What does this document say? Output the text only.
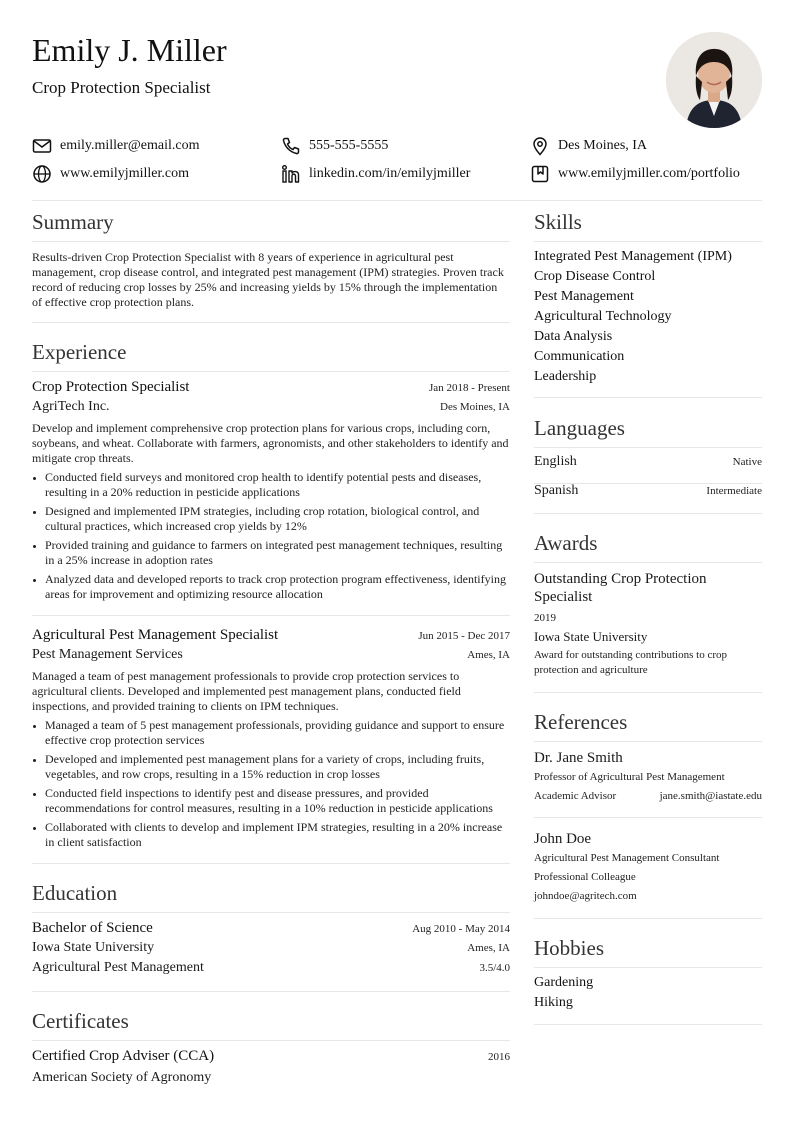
Emily J. Miller
Crop Protection Specialist
emily.miller@email.com	555-555-5555	Des Moines, IA
www.emilyjmiller.com	linkedin.com/in/emilyjmiller	www.emilyjmiller.com/portfolio
Summary
Results-driven Crop Protection Specialist with 8 years of experience in agricultural pest management, crop disease control, and integrated pest management (IPM) strategies. Proven track record of reducing crop losses by 25% and increasing yields by 15% through the implementation of effective crop protection plans.
Experience
Crop Protection Specialist	Jan 2018 - Present
AgriTech Inc.	Des Moines, IA
Develop and implement comprehensive crop protection plans for various crops, including corn, soybeans, and wheat. Collaborate with farmers, agronomists, and other stakeholders to identify and mitigate crop threats.
• Conducted field surveys and monitored crop health to identify potential pests and diseases, resulting in a 20% reduction in pesticide applications
• Designed and implemented IPM strategies, including crop rotation, biological control, and cultural practices, which increased crop yields by 12%
• Provided training and guidance to farmers on integrated pest management techniques, resulting in a 25% increase in adoption rates
• Analyzed data and developed reports to track crop protection program effectiveness, identifying areas for improvement and optimizing resource allocation
Agricultural Pest Management Specialist	Jun 2015 - Dec 2017
Pest Management Services	Ames, IA
Managed a team of pest management professionals to provide crop protection services to agricultural clients. Developed and implemented pest management plans, conducted field inspections, and provided training to clients on IPM techniques.
• Managed a team of 5 pest management professionals, providing guidance and support to ensure effective crop protection services
• Developed and implemented pest management plans for a variety of crops, including fruits, vegetables, and row crops, resulting in a 15% reduction in crop losses
• Conducted field inspections to identify pest and disease pressures, and provided recommendations for control measures, resulting in a 10% reduction in pesticide applications
• Collaborated with clients to develop and implement IPM strategies, resulting in a 20% increase in client satisfaction
Education
Bachelor of Science	Aug 2010 - May 2014
Iowa State University	Ames, IA
Agricultural Pest Management	3.5/4.0
Certificates
Certified Crop Adviser (CCA)	2016
American Society of Agronomy
Skills
Integrated Pest Management (IPM)
Crop Disease Control
Pest Management
Agricultural Technology
Data Analysis
Communication
Leadership
Languages
English	Native
Spanish	Intermediate
Awards
Outstanding Crop Protection Specialist
2019
Iowa State University
Award for outstanding contributions to crop protection and agriculture
References
Dr. Jane Smith
Professor of Agricultural Pest Management
Academic Advisor	jane.smith@iastate.edu
John Doe
Agricultural Pest Management Consultant
Professional Colleague
johndoe@agritech.com
Hobbies
Gardening
Hiking
